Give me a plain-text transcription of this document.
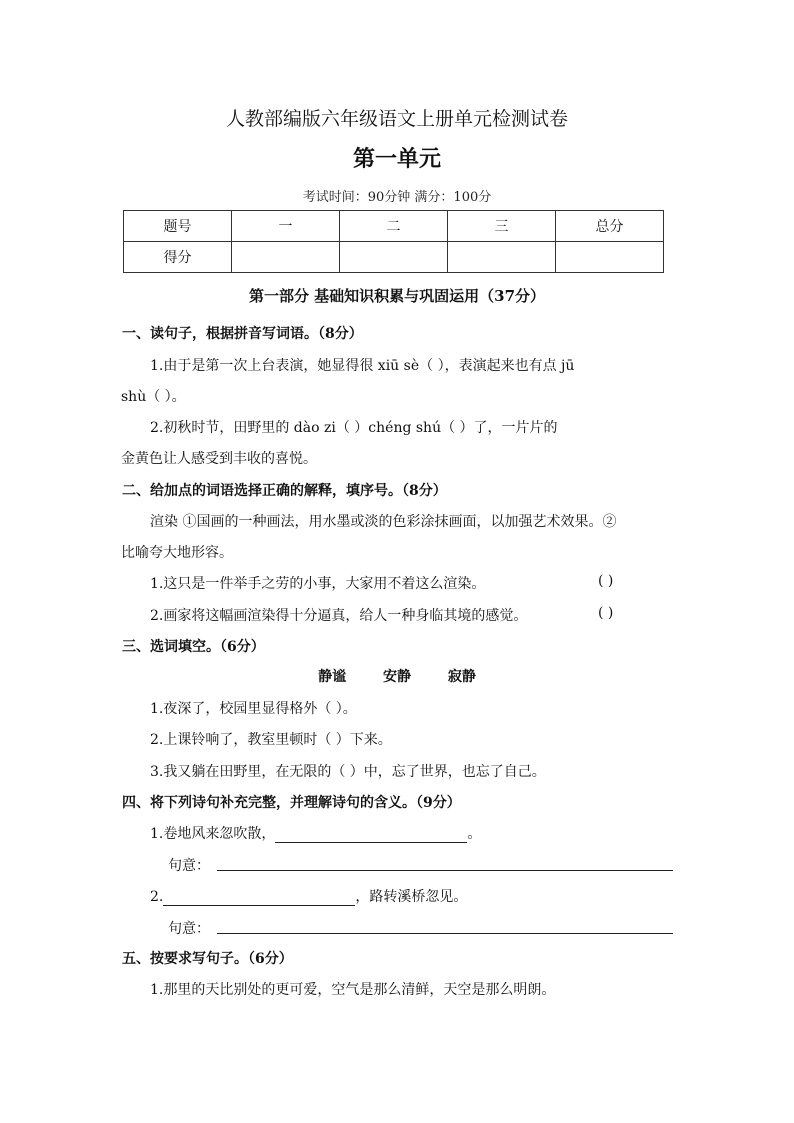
人教部编版六年级语文上册单元检测试卷
第一单元
考试时间：90分钟 满分：100分
题号	一	二	三	总分
得分				
第一部分 基础知识积累与巩固运用（37分）
一、读句子，根据拼音写词语。（8分）
1.由于是第一次上台表演，她显得很 xiū sè（ ），表演起来也有点 jū
shù（ ）。
2.初秋时节，田野里的 dào zi（ ）chéng shú（ ）了，一片片的
金黄色让人感受到丰收的喜悦。
二、给加点的词语选择正确的解释，填序号。（8分）
渲染 ①国画的一种画法，用水墨或淡的色彩涂抹画面，以加强艺术效果。②
比喻夸大地形容。
1.这只是一件举手之劳的小事，大家用不着这么渲染。	( )
2.画家将这幅画渲染得十分逼真，给人一种身临其境的感觉。	( )
三、选词填空。（6分）
静谧	安静	寂静
1.夜深了，校园里显得格外（ ）。
2.上课铃响了，教室里顿时（ ）下来。
3.我又躺在田野里，在无限的（ ）中，忘了世界，也忘了自己。
四、将下列诗句补充完整，并理解诗句的含义。（9分）
1.卷地风来忽吹散，	。
句意：
2.	，路转溪桥忽见。
句意：
五、按要求写句子。（6分）
1.那里的天比别处的更可爱，空气是那么清鲜，天空是那么明朗。
